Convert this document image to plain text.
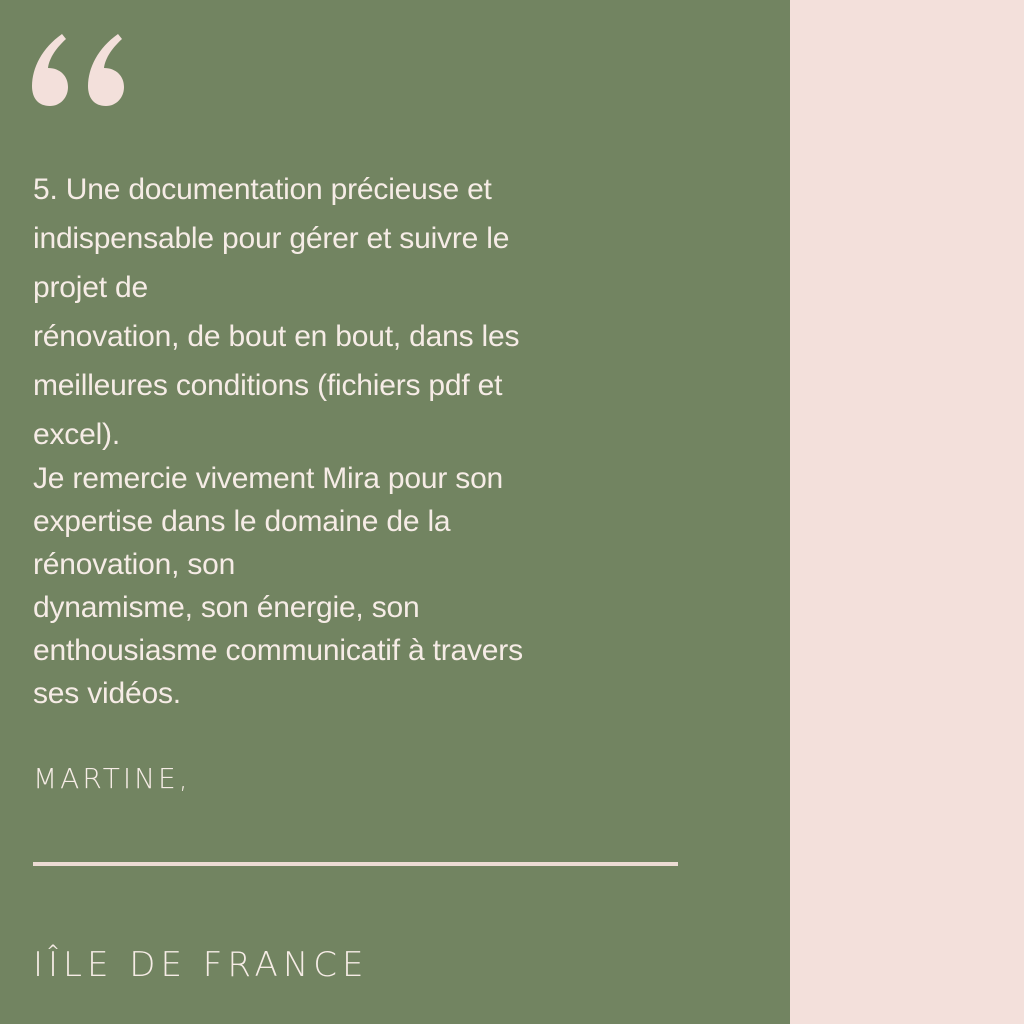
5. Une documentation précieuse et
indispensable pour gérer et suivre le
projet de
rénovation, de bout en bout, dans les
meilleures conditions (fichiers pdf et
excel).
Je remercie vivement Mira pour son
expertise dans le domaine de la
rénovation, son
dynamisme, son énergie, son
enthousiasme communicatif à travers
ses vidéos.
MARTINE,
IÎLE DE FRANCE
